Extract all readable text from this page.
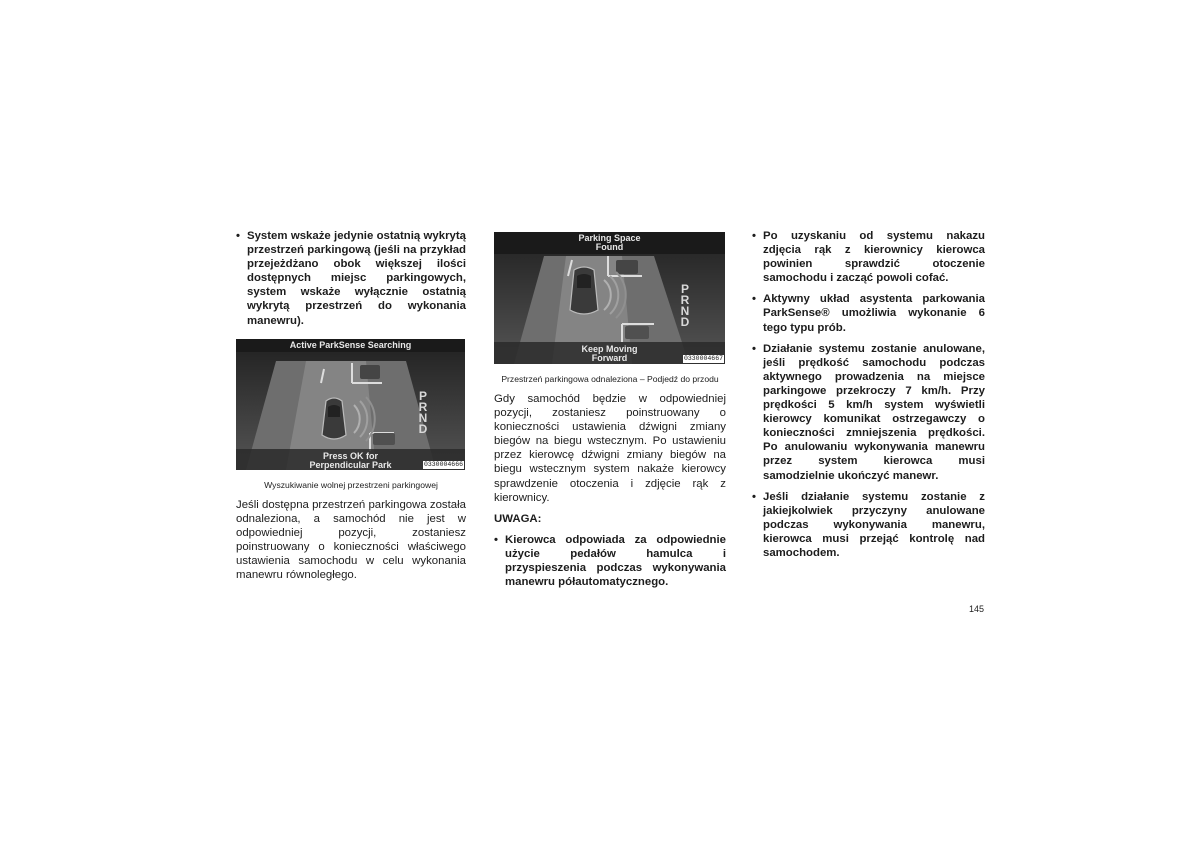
• System wskaże jedynie ostatnią wykrytą przestrzeń parkingową (jeśli na przykład przejeżdżano obok większej ilości dostępnych miejsc parkingowych, system wskaże wyłącznie ostatnią wykrytą przestrzeń do wykonania manewru).
Active ParkSense Searching
Press OK for
Perpendicular Park
P
R
N
D
0330004666
Wyszukiwanie wolnej przestrzeni parkingowej
Jeśli dostępna przestrzeń parkingowa została odnaleziona, a samochód nie jest w odpowiedniej pozycji, zostaniesz poinstruowany o konieczności właściwego ustawienia samochodu w celu wykonania manewru równoległego.
Parking Space
Found
Keep Moving
Forward
P
R
N
D
0330004667
Przestrzeń parkingowa odnaleziona – Podjedź do przodu
Gdy samochód będzie w odpowiedniej pozycji, zostaniesz poinstruowany o konieczności ustawienia dźwigni zmiany biegów na biegu wstecznym. Po ustawieniu przez kierowcę dźwigni zmiany biegów na biegu wstecznym system nakaże kierowcy sprawdzenie otoczenia i zdjęcie rąk z kierownicy.
UWAGA:
• Kierowca odpowiada za odpowiednie użycie pedałów hamulca i przyspieszenia podczas wykonywania manewru półautomatycznego.
• Po uzyskaniu od systemu nakazu zdjęcia rąk z kierownicy kierowca powinien sprawdzić otoczenie samochodu i zacząć powoli cofać.
• Aktywny układ asystenta parkowania ParkSense® umożliwia wykonanie 6 tego typu prób.
• Działanie systemu zostanie anulowane, jeśli prędkość samochodu podczas aktywnego prowadzenia na miejsce parkingowe przekroczy 7 km/h. Przy prędkości 5 km/h system wyświetli kierowcy komunikat ostrzegawczy o konieczności zmniejszenia prędkości. Po anulowaniu wykonywania manewru przez system kierowca musi samodzielnie ukończyć manewr.
• Jeśli działanie systemu zostanie z jakiejkolwiek przyczyny anulowane podczas wykonywania manewru, kierowca musi przejąć kontrolę nad samochodem.
145
